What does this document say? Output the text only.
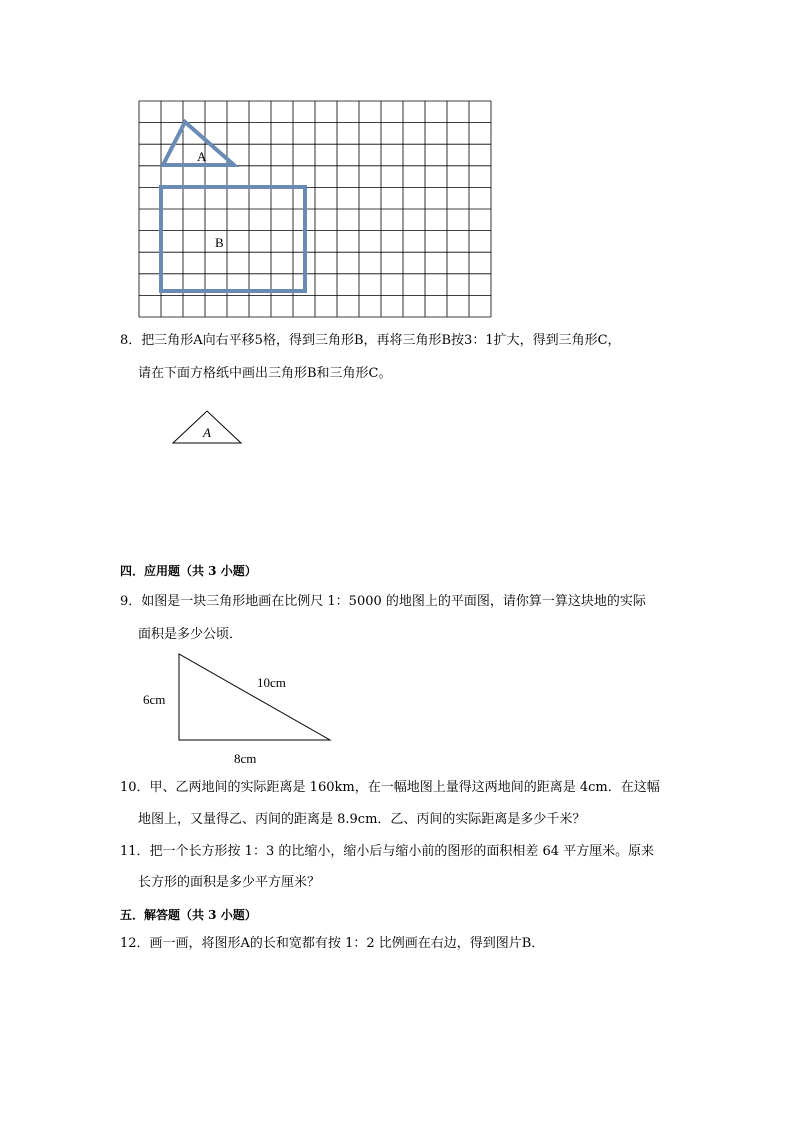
A
B
8．把三角形A向右平移5格，得到三角形B，再将三角形B按3：1扩大，得到三角形C，
请在下面方格纸中画出三角形B和三角形C。
A
四．应用题（共 3 小题）
9．如图是一块三角形地画在比例尺 1：5000 的地图上的平面图，请你算一算这块地的实际
面积是多少公顷．
6cm
10cm
8cm
10．甲、乙两地间的实际距离是 160km，在一幅地图上量得这两地间的距离是 4cm．在这幅
地图上，又量得乙、丙间的距离是 8.9cm．乙、丙间的实际距离是多少千米？
11．把一个长方形按 1：3 的比缩小，缩小后与缩小前的图形的面积相差 64 平方厘米。原来
长方形的面积是多少平方厘米？
五．解答题（共 3 小题）
12．画一画，将图形A的长和宽都有按 1：2 比例画在右边，得到图片B．
